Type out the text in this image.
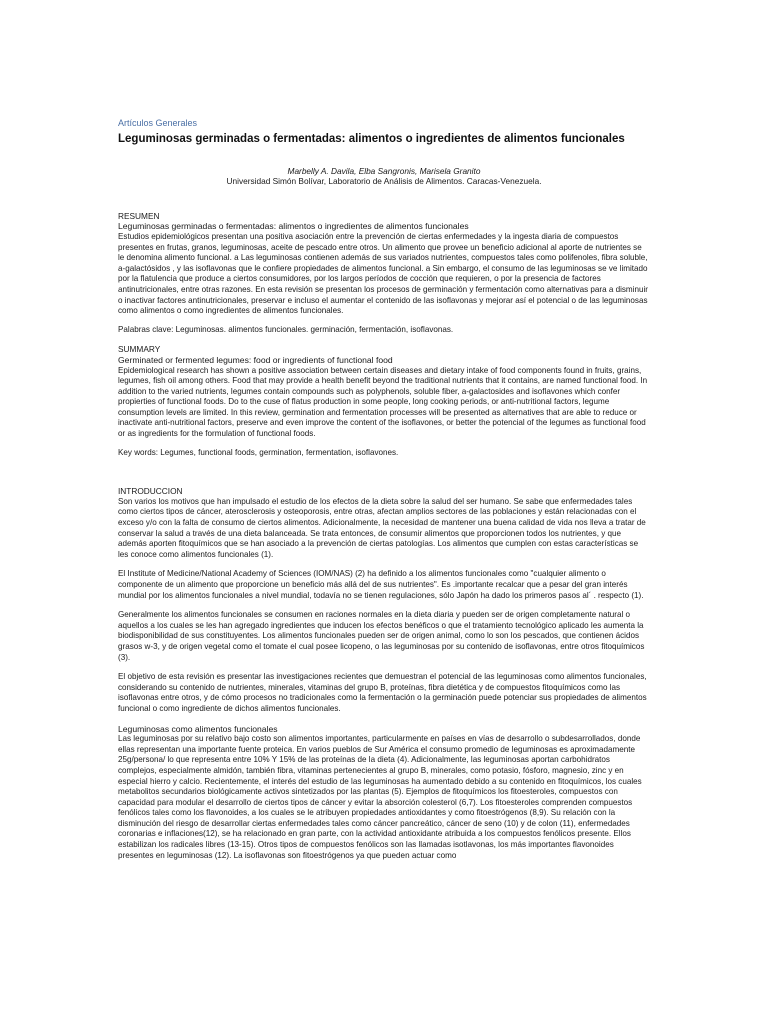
Artículos Generales
Leguminosas germinadas o fermentadas: alimentos o ingredientes de alimentos funcionales
Marbelly A. Davila, Elba Sangronis, Marisela Granito
Universidad Simón Bolívar, Laboratorio de Análisis de Alimentos. Caracas-Venezuela.
RESUMEN
Leguminosas germinadas o fermentadas: alimentos o ingredientes de alimentos funcionales

Estudios epidemiológicos presentan una positiva asociación entre la prevención de ciertas enfermedades y la ingesta diaria de compuestos presentes en frutas, granos, leguminosas, aceite de pescado entre otros. Un alimento que provee un beneficio adicional al aporte de nutrientes se le denomina alimento funcional. a Las leguminosas contienen además de sus variados nutrientes, compuestos tales como polifenoles, fibra soluble, a-galactósidos , y las isoflavonas que le confiere propiedades de alimentos funcional. a Sin embargo, el consumo de las leguminosas se ve limitado por la flatulencia que produce a ciertos consumidores, por los largos períodos de cocción que requieren, o por la presencia de factores antinutricionales, entre otras razones. En esta revisión se presentan los procesos de germinación y fermentación como alternativas para a disminuir o inactivar factores antinutricionales, preservar e incluso el aumentar el contenido de las isoflavonas y mejorar así el potencial o de las leguminosas como alimentos o como ingredientes de alimentos funcionales.

Palabras clave: Leguminosas. alimentos funcionales. germinación, fermentación, isoflavonas.

SUMMARY
Germinated or fermented legumes: food or ingredients of functional food

Epidemiological research has shown a positive association between certain diseases and dietary intake of food components found in fruits, grains, legumes, fish oil among others. Food that may provide a health benefit beyond the traditional nutrients that it contains, are named functional food. In addition to the varied nutrients, legumes contain compounds such as polyphenols, soluble fiber, a-galactosides and isoflavones which confer propierties of functional foods. Do to the cuse of flatus production in some people, long cooking periods, or anti-nutritional factors, legume consumption levels are limited. In this review, germination and fermentation processes will be presented as alternatives that are able to reduce or inactivate anti-nutritional factors, preserve and even improve the content of the isoflavones, or better the potencial of the legumes as functional food or as ingredients for the formulation of functional foods.

Key words: Legumes, functional foods, germination, fermentation, isoflavones.

INTRODUCCION

Son varios los motivos que han impulsado el estudio de los efectos de la dieta sobre la salud del ser humano. Se sabe que enfermedades tales como ciertos tipos de cáncer, aterosclerosis y osteoporosis, entre otras, afectan amplios sectores de las poblaciones y están relacionadas con el exceso y/o con la falta de consumo de ciertos alimentos. Adicionalmente, la necesidad de mantener una buena calidad de vida nos lleva a tratar de conservar la salud a través de una dieta balanceada. Se trata entonces, de consumir alimentos que proporcionen todos los nutrientes, y que además aporten fitoquímicos que se han asociado a la prevención de ciertas patologías. Los alimentos que cumplen con estas características se les conoce como alimentos funcionales (1).

El Institute of Medicine/National Academy of Sciences (IOM/NAS) (2) ha definido a los alimentos funcionales como "cualquier alimento o componente de un alimento que proporcione un beneficio más allá del de sus nutrientes". Es .importante recalcar que a pesar del gran interés mundial por los alimentos funcionales a nivel mundial, todavía no se tienen regulaciones, sólo Japón ha dado los primeros pasos al´ . respecto (1).

Generalmente los alimentos funcionales se consumen en raciones normales en la dieta diaria y pueden ser de origen completamente natural o aquellos a los cuales se les han agregado ingredientes que inducen los efectos benéficos o que el tratamiento tecnológico aplicado les aumenta la biodisponibilidad de sus constituyentes. Los alimentos funcionales pueden ser de origen animal, como lo son los pescados, que contienen ácidos grasos w-3, y de origen vegetal como el tomate el cual posee licopeno, o las leguminosas por su contenido de isoflavonas, entre otros fitoquímicos (3).

El objetivo de esta revisión es presentar las investigaciones recientes que demuestran el potencial de las leguminosas como alimentos funcionales, considerando su contenido de nutrientes, minerales, vitaminas del grupo B, proteínas, fibra dietética y de compuestos fitoquímicos como las isoflavonas entre otros, y de cómo procesos no tradicionales como la fermentación o la germinación puede potenciar sus propiedades de alimentos funcional o como ingrediente de dichos alimentos funcionales.

Leguminosas como alimentos funcionales

Las leguminosas por su relativo bajo costo son alimentos importantes, particularmente en países en vías de desarrollo o subdesarrollados, donde ellas representan una importante fuente proteica. En varios pueblos de Sur América el consumo promedio de leguminosas es aproximadamente 25g/persona/ lo que representa entre 10% Y 15% de las proteínas de la dieta (4). Adicionalmente, las leguminosas aportan carbohidratos complejos, especialmente almidón, también fibra, vitaminas pertenecientes al grupo B, minerales, como potasio, fósforo, magnesio, zinc y en especial hierro y calcio. Recientemente, el interés del estudio de las leguminosas ha aumentado debido a su contenido en fitoquímicos, los cuales metabolitos secundarios biológicamente activos sintetizados por las plantas (5). Ejemplos de fitoquímicos los fitoesteroles, compuestos con capacidad para modular el desarrollo de ciertos tipos de cáncer y evitar la absorción colesterol (6,7). Los fitoesteroles comprenden compuestos fenólicos tales como los flavonoides, a los cuales se le atribuyen propiedades antioxidantes y como fitoestrógenos (8,9). Su relación con la disminución del riesgo de desarrollar ciertas enfermedades tales como cáncer pancreático, cáncer de seno (10) y de colon (11), enfermedades coronarias e inflaciones(12), se ha relacionado en gran parte, con la actividad antioxidante atribuida a los compuestos fenólicos presente. Ellos estabilizan los radicales libres (13-15). Otros tipos de compuestos fenólicos son las llamadas isotlavonas, los más importantes flavonoides presentes en leguminosas (12). La isoflavonas son fitoestrógenos ya que pueden actuar como
